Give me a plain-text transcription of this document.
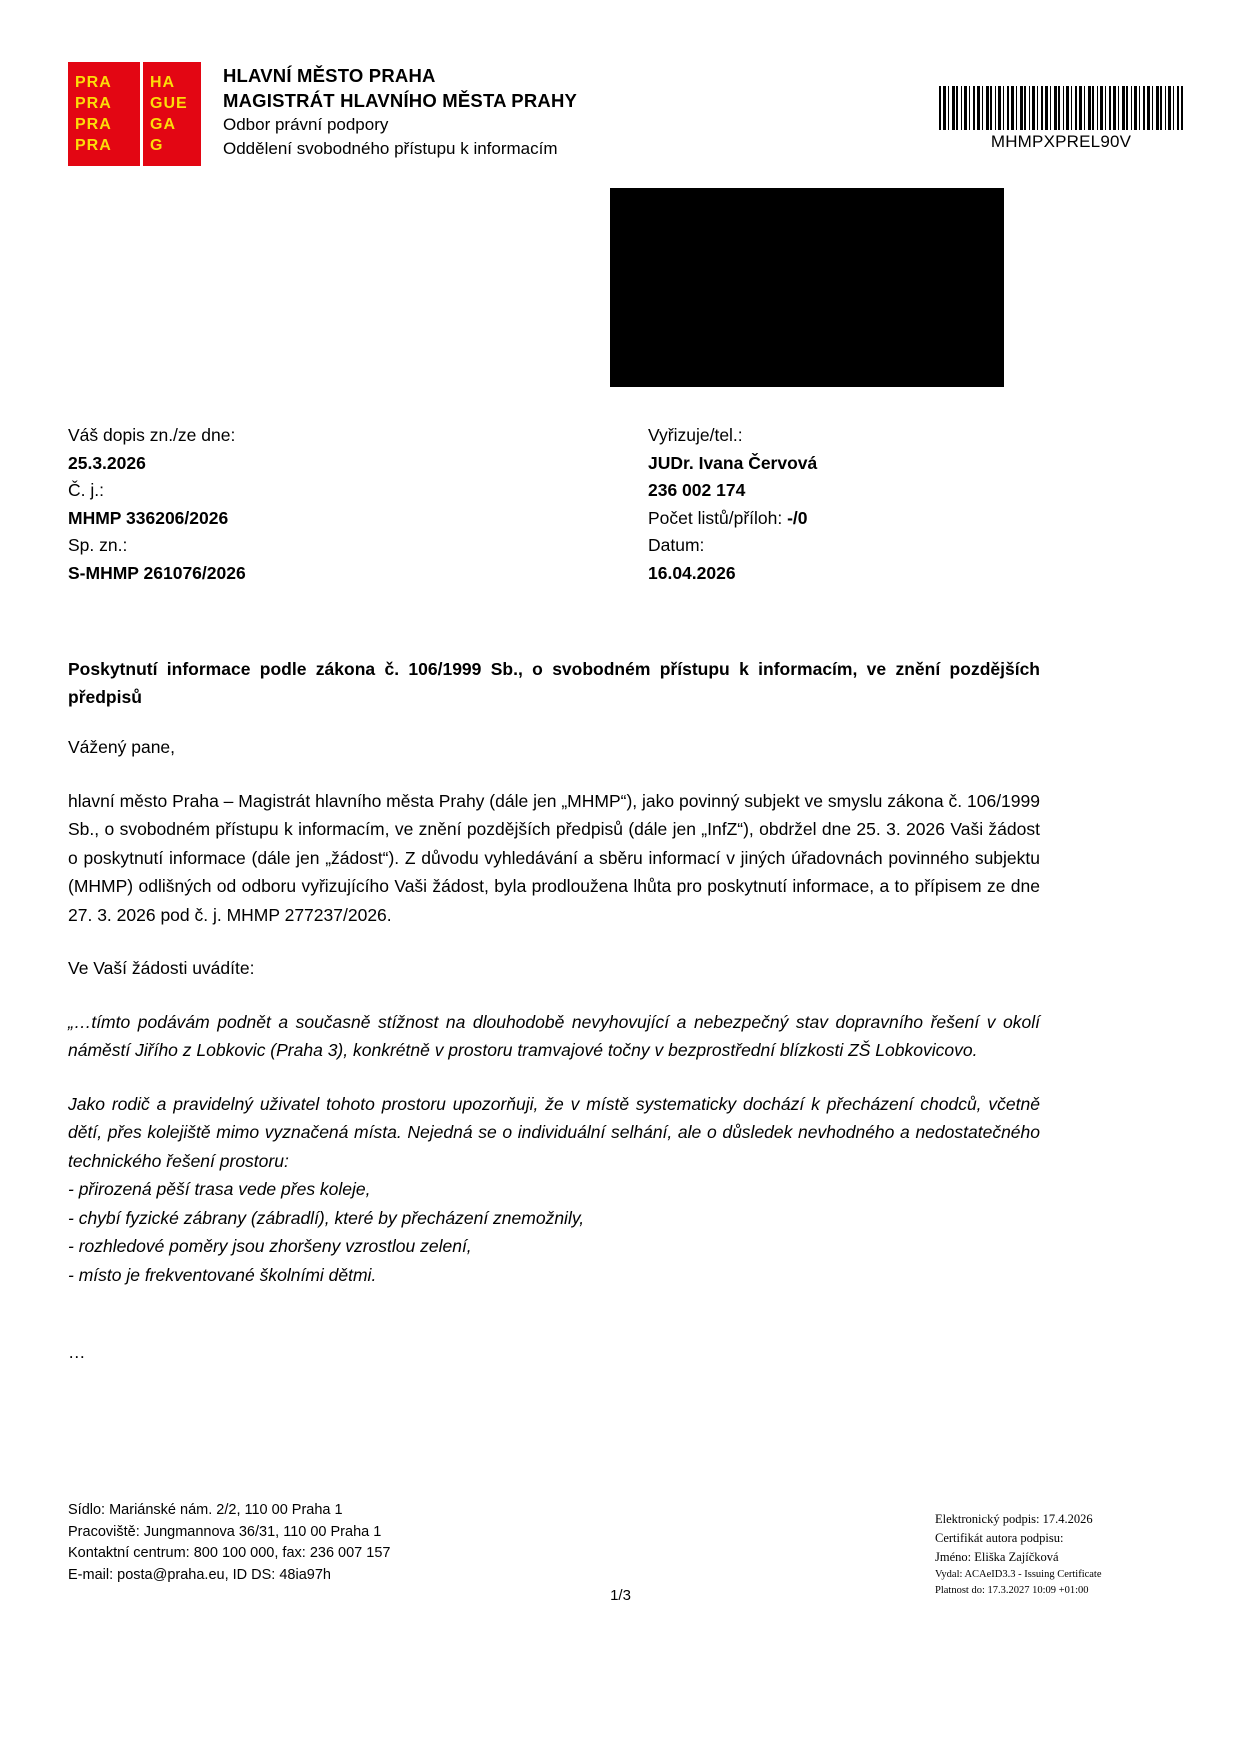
PRA
PRA
PRA
PRA
HA
GUE
GA
G
HLAVNÍ MĚSTO PRAHA
MAGISTRÁT HLAVNÍHO MĚSTA PRAHY
Odbor právní podpory
Oddělení svobodného přístupu k informacím	MHMPXPREL90V
Váš dopis zn./ze dne:
25.3.2026
Č. j.:
MHMP 336206/2026
Sp. zn.:
S-MHMP 261076/2026
Vyřizuje/tel.:
JUDr. Ivana Červová
236 002 174
Počet listů/příloh: -/0
Datum:
16.04.2026
Poskytnutí informace podle zákona č. 106/1999 Sb., o svobodném přístupu k informacím, ve znění pozdějších předpisů

Vážený pane,

hlavní město Praha – Magistrát hlavního města Prahy (dále jen „MHMP“), jako povinný subjekt ve smyslu zákona č. 106/1999 Sb., o svobodném přístupu k informacím, ve znění pozdějších předpisů (dále jen „InfZ“), obdržel dne 25. 3. 2026 Vaši žádost o poskytnutí informace (dále jen „žádost“). Z důvodu vyhledávání a sběru informací v jiných úřadovnách povinného subjektu (MHMP) odlišných od odboru vyřizujícího Vaši žádost, byla prodloužena lhůta pro poskytnutí informace, a to přípisem ze dne 27. 3. 2026 pod č. j. MHMP 277237/2026.

Ve Vaší žádosti uvádíte:

„…tímto podávám podnět a současně stížnost na dlouhodobě nevyhovující a nebezpečný stav dopravního řešení v okolí náměstí Jiřího z Lobkovic (Praha 3), konkrétně v prostoru tramvajové točny v bezprostřední blízkosti ZŠ Lobkovicovo.

Jako rodič a pravidelný uživatel tohoto prostoru upozorňuji, že v místě systematicky dochází k přecházení chodců, včetně dětí, přes kolejiště mimo vyznačená místa. Nejedná se o individuální selhání, ale o důsledek nevhodného a nedostatečného technického řešení prostoru:

- přirozená pěší trasa vede přes koleje,

- chybí fyzické zábrany (zábradlí), které by přecházení znemožnily,

- rozhledové poměry jsou zhoršeny vzrostlou zelení,

- místo je frekventované školními dětmi.

…
Sídlo: Mariánské nám. 2/2, 110 00 Praha 1
Pracoviště: Jungmannova 36/31, 110 00 Praha 1
Kontaktní centrum: 800 100 000, fax: 236 007 157
E-mail: posta@praha.eu, ID DS: 48ia97h
1/3
Elektronický podpis: 17.4.2026
Certifikát autora podpisu:
Jméno: Eliška Zajíčková
Vydal: ACAeID3.3 - Issuing Certificate
Platnost do: 17.3.2027 10:09 +01:00
